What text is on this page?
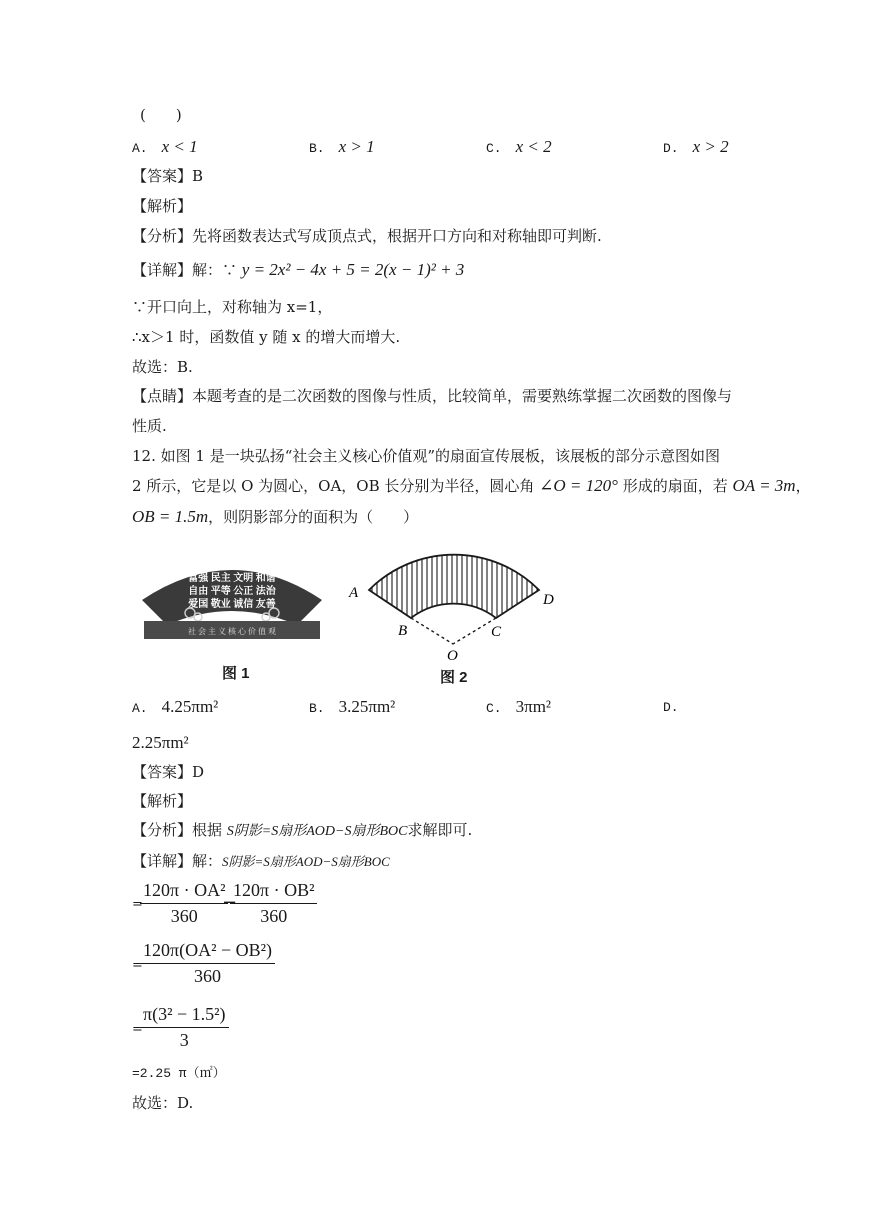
(　　)
A. x < 1	B. x > 1	C. x < 2	D. x > 2
【答案】B
【解析】
【分析】先将函数表达式写成顶点式，根据开口方向和对称轴即可判断.
【详解】解：∵ y = 2x² − 4x + 5 = 2(x − 1)² + 3
∵开口向上，对称轴为 x=1，
∴x＞1 时，函数值 y 随 x 的增大而增大.
故选：B.
【点睛】本题考查的是二次函数的图像与性质，比较简单，需要熟练掌握二次函数的图像与
性质.
12. 如图 1 是一块弘扬“社会主义核心价值观”的扇面宣传展板，该展板的部分示意图如图
2 所示，它是以 O 为圆心，OA，OB 长分别为半径，圆心角 ∠O = 120° 形成的扇面，若 OA = 3m，
OB = 1.5m，则阴影部分的面积为（　　）
富强 民主 文明 和谐
自由 平等 公正 法治
爱国 敬业 诚信 友善
社 会 主 义 核 心 价 值 观
图 1
A
B	C
D
O
图 2
A. 4.25πm²	B. 3.25πm²	C. 3πm²	D.
2.25πm²
【答案】D
【解析】
【分析】根据 S阴影=S扇形AOD−S扇形BOC求解即可.
【详解】解：S阴影=S扇形AOD−S扇形BOC
=
$\frac{\text{120π · OA²}}{360}$
−
$\frac{\text{120π · OB²}}{360}$
=
$\frac{\text{120π(OA² − OB²)}}{360}$
=
$\frac{\text{π(3² − 1.5²)}}{3}$
=2.25 π（㎡）
故选：D.
